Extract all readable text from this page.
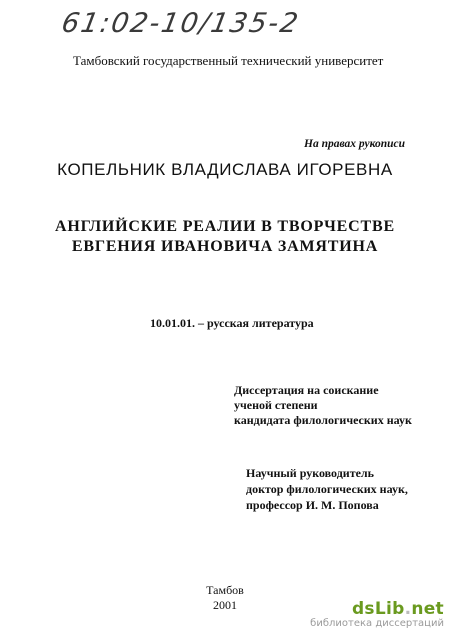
61:02-10/135-2
Тамбовский государственный технический университет
На правах рукописи
КОПЕЛЬНИК ВЛАДИСЛАВА ИГОРЕВНА
АНГЛИЙСКИЕ РЕАЛИИ В ТВОРЧЕСТВЕ
ЕВГЕНИЯ ИВАНОВИЧА ЗАМЯТИНА
10.01.01. – русская литература
Диссертация на соискание
ученой степени
кандидата филологических наук
Научный руководитель
доктор филологических наук,
профессор И. М. Попова
Тамбов
2001	dsLib.net
библиотека диссертаций
